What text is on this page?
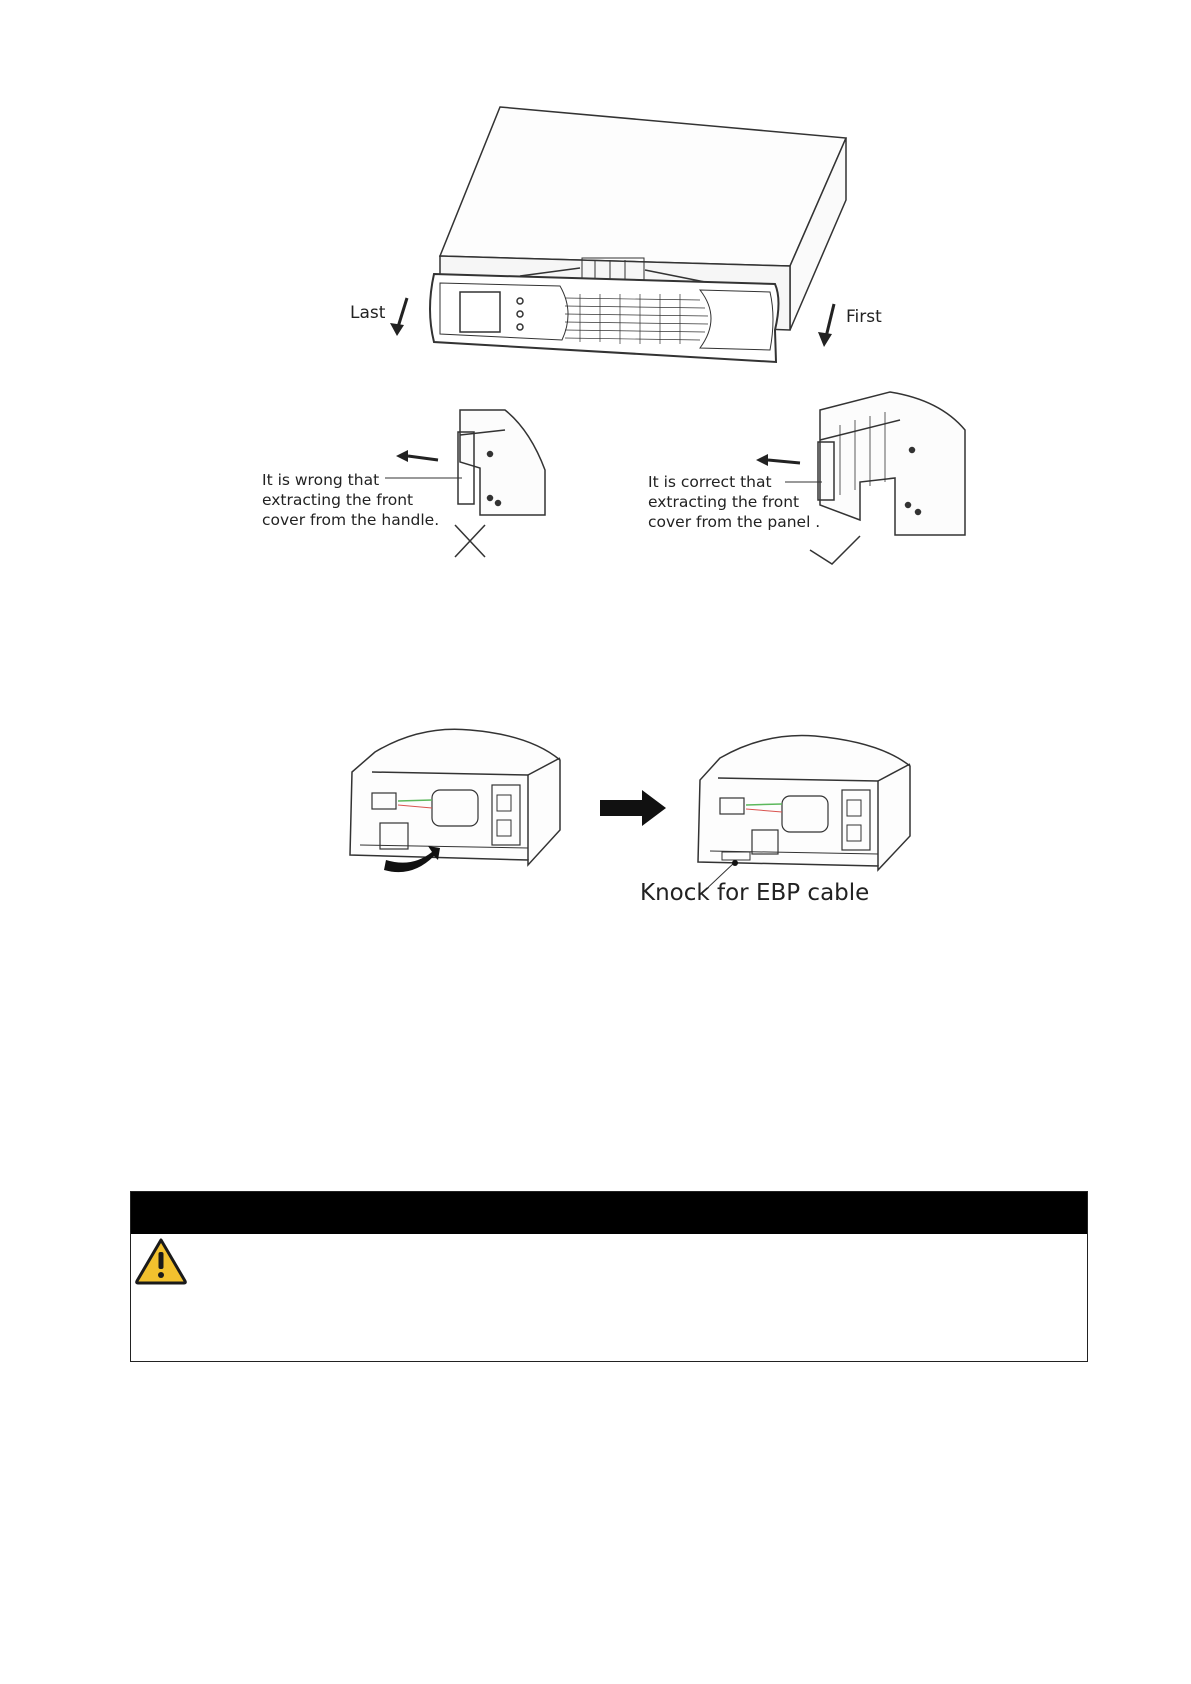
Last	First
It is wrong that
extracting the front
cover from the handle.
It is correct that
extracting the front
cover from the panel .
Knock for EBP cable
